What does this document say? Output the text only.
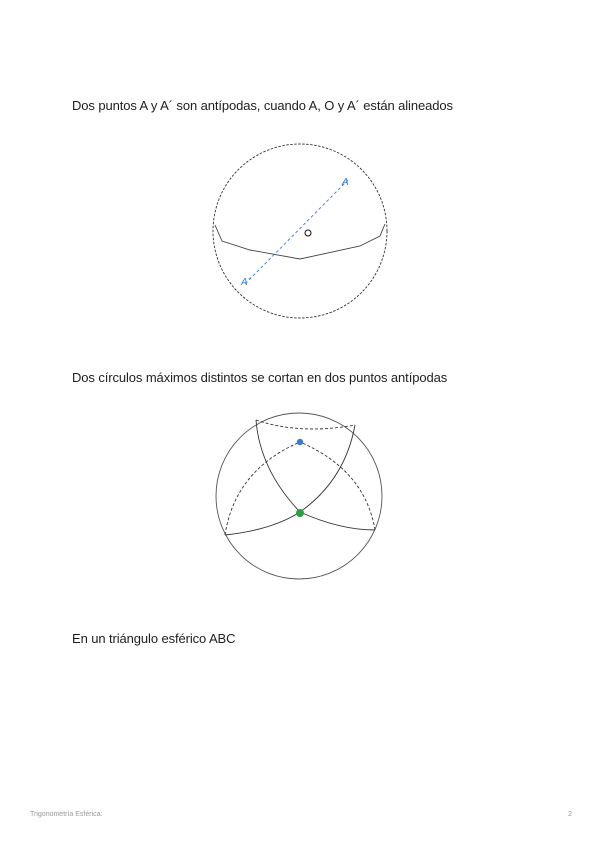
Dos puntos A y A´ son antípodas, cuando A, O y A´ están alineados

A
A´

Dos círculos máximos distintos se cortan en dos puntos antípodas

En un triángulo esférico ABC

Trigonometría Esférica:	2
